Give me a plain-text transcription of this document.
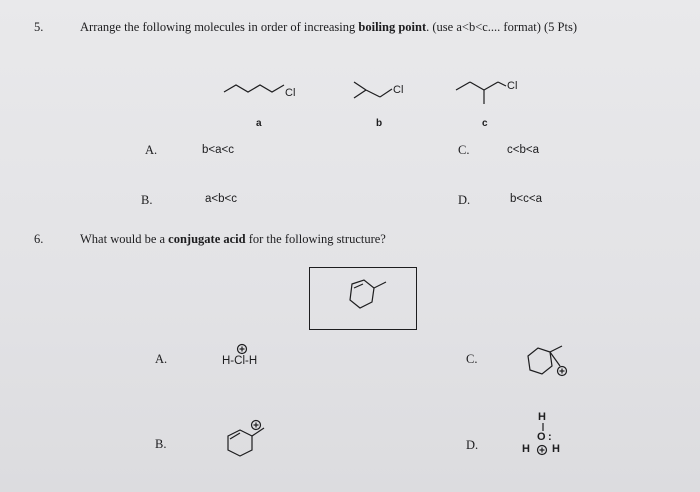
5.	Arrange the following molecules in order of increasing boiling point. (use a<b<c.... format) (5 Pts)
Cl
a
Cl
b
Cl
c
A.	b<a<c	C.	c<b<a
B.	a<b<c	D.	b<c<a
6.	What would be a conjugate acid for the following structure?
A.	H-Cl-H	C.
B.	D.
H
O :
H H
